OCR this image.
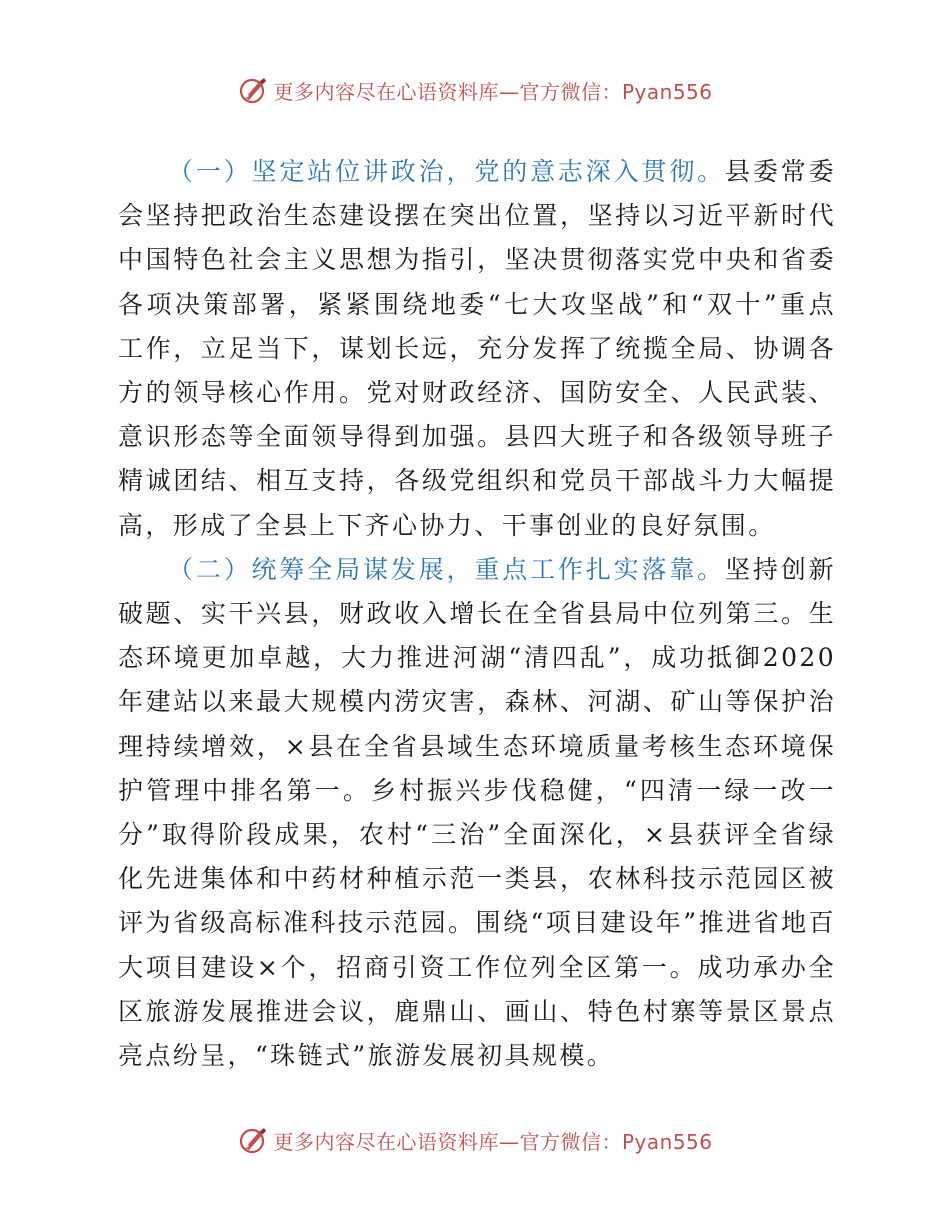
更多内容尽在心语资料库—官方微信：Pyan556

（一）坚定站位讲政治，党的意志深入贯彻。县委常委会坚持把政治生态建设摆在突出位置，坚持以习近平新时代中国特色社会主义思想为指引，坚决贯彻落实党中央和省委各项决策部署，紧紧围绕地委“七大攻坚战”和“双十”重点工作，立足当下，谋划长远，充分发挥了统揽全局、协调各方的领导核心作用。党对财政经济、国防安全、人民武装、意识形态等全面领导得到加强。县四大班子和各级领导班子精诚团结、相互支持，各级党组织和党员干部战斗力大幅提高，形成了全县上下齐心协力、干事创业的良好氛围。

（二）统筹全局谋发展，重点工作扎实落靠。坚持创新破题、实干兴县，财政收入增长在全省县局中位列第三。生态环境更加卓越，大力推进河湖“清四乱”，成功抵御2020年建站以来最大规模内涝灾害，森林、河湖、矿山等保护治理持续增效，×县在全省县域生态环境质量考核生态环境保护管理中排名第一。乡村振兴步伐稳健，“四清一绿一改一分”取得阶段成果，农村“三治”全面深化，×县获评全省绿化先进集体和中药材种植示范一类县，农林科技示范园区被评为省级高标准科技示范园。围绕“项目建设年”推进省地百大项目建设×个，招商引资工作位列全区第一。成功承办全区旅游发展推进会议，鹿鼎山、画山、特色村寨等景区景点亮点纷呈，“珠链式”旅游发展初具规模。

更多内容尽在心语资料库—官方微信：Pyan556
